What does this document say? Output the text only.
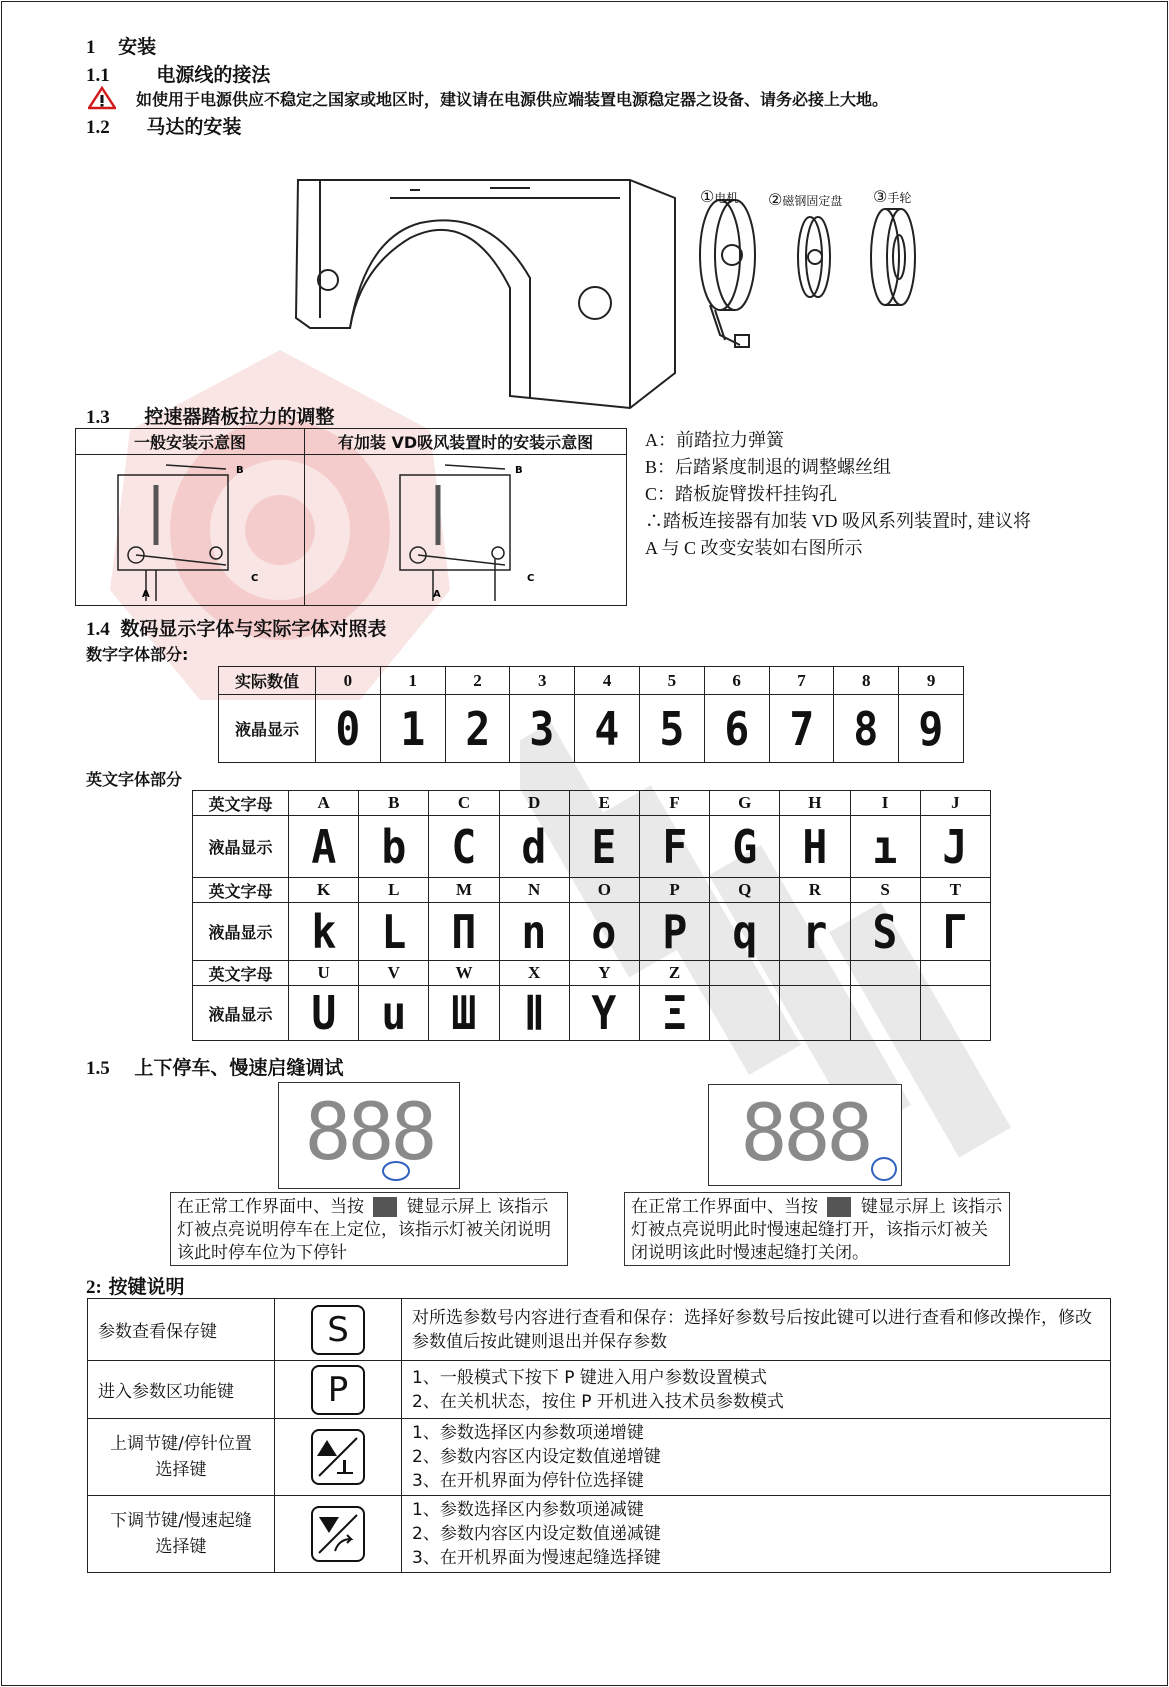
1 安装
1.1 电源线的接法
如使用于电源供应不稳定之国家或地区时，建议请在电源供应端装置电源稳定器之设备、请务必接上大地。
1.2 马达的安装
①电机 ②磁钢固定盘 ③手轮
1.3 控速器踏板拉力的调整
一般安装示意图	有加装 VD吸风装置时的安装示意图

B
C
A	B
C
A
A：前踏拉力弹簧
B：后踏紧度制退的调整螺丝组
C：踏板旋臂拨杆挂钩孔
∴踏板连接器有加装 VD 吸风系列装置时, 建议将
A 与 C 改变安装如右图所示
1.4 数码显示字体与实际字体对照表
数字字体部分:
实际数值	0	1	2	3	4	5	6	7	8	9
液晶显示	0	1	2	3	4	5	6	7	8	9
英文字体部分
英文字母	A	B	C	D	E	F	G	H	I	J
液晶显示	A	b	C	d	E	F	G	H	ı	J
英文字母	K	L	M	N	O	P	Q	R	S	T
液晶显示	k	L	Π	n	o	P	q	r	S	Γ
英文字母	U	V	W	X	Y	Z				
液晶显示	U	u	Ш	Ⅱ	Y	Ξ				
1.5 上下停车、慢速启缝调试
888	888
在正常工作界面中、当按	键显示屏上 该指示灯被点亮说明停车在上定位，该指示灯被关闭说明该此时停车位为下停针
在正常工作界面中、当按	键显示屏上 该指示灯被点亮说明此时慢速起缝打开，该指示灯被关闭说明该此时慢速起缝打关闭。
2: 按键说明
参数查看保存键	S	对所选参数号内容进行查看和保存：选择好参数号后按此键可以进行查看和修改操作，修改参数值后按此键则退出并保存参数
进入参数区功能键	P	1、一般模式下按下 P 键进入用户参数设置模式
2、在关机状态，按住 P 开机进入技术员参数模式

上调节键/停针位置选择键		1、参数选择区内参数项递增键
2、参数内容区内设定数值递增键
3、在开机界面为停针位选择键

下调节键/慢速起缝选择键		1、参数选择区内参数项递减键
2、参数内容区内设定数值递减键
3、在开机界面为慢速起缝选择键
